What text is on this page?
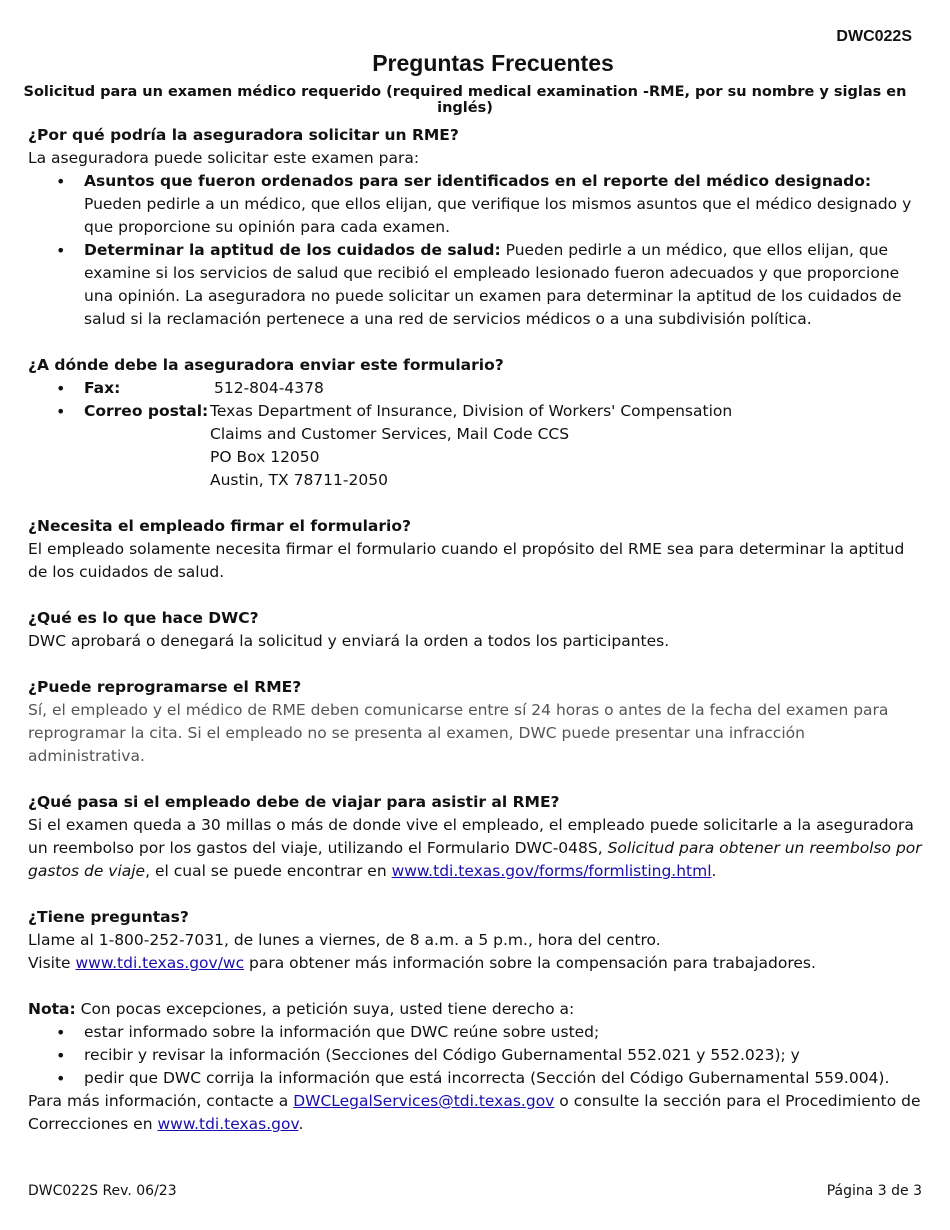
DWC022S
Preguntas Frecuentes
Solicitud para un examen médico requerido (required medical examination -RME, por su nombre y siglas en inglés)

¿Por qué podría la aseguradora solicitar un RME?

La aseguradora puede solicitar este examen para:

• Asuntos que fueron ordenados para ser identificados en el reporte del médico designado: Pueden pedirle a un médico, que ellos elijan, que verifique los mismos asuntos que el médico designado y que proporcione su opinión para cada examen.
• Determinar la aptitud de los cuidados de salud: Pueden pedirle a un médico, que ellos elijan, que examine si los servicios de salud que recibió el empleado lesionado fueron adecuados y que proporcione una opinión. La aseguradora no puede solicitar un examen para determinar la aptitud de los cuidados de salud si la reclamación pertenece a una red de servicios médicos o a una subdivisión política.

¿A dónde debe la aseguradora enviar este formulario?

• Fax:	512-804-4378
• Correo postal: Texas Department of Insurance, Division of Workers' Compensation
Claims and Customer Services, Mail Code CCS
PO Box 12050
Austin, TX 78711-2050

¿Necesita el empleado firmar el formulario?

El empleado solamente necesita firmar el formulario cuando el propósito del RME sea para determinar la aptitud de los cuidados de salud.

¿Qué es lo que hace DWC?

DWC aprobará o denegará la solicitud y enviará la orden a todos los participantes.

¿Puede reprogramarse el RME?

Sí, el empleado y el médico de RME deben comunicarse entre sí 24 horas o antes de la fecha del examen para reprogramar la cita. Si el empleado no se presenta al examen, DWC puede presentar una infracción administrativa.

¿Qué pasa si el empleado debe de viajar para asistir al RME?

Si el examen queda a 30 millas o más de donde vive el empleado, el empleado puede solicitarle a la aseguradora un reembolso por los gastos del viaje, utilizando el Formulario DWC-048S, Solicitud para obtener un reembolso por gastos de viaje, el cual se puede encontrar en www.tdi.texas.gov/forms/formlisting.html.

¿Tiene preguntas?

Llame al 1-800-252-7031, de lunes a viernes, de 8 a.m. a 5 p.m., hora del centro.

Visite www.tdi.texas.gov/wc para obtener más información sobre la compensación para trabajadores.

Nota: Con pocas excepciones, a petición suya, usted tiene derecho a:

• estar informado sobre la información que DWC reúne sobre usted;
• recibir y revisar la información (Secciones del Código Gubernamental 552.021 y 552.023); y
• pedir que DWC corrija la información que está incorrecta (Sección del Código Gubernamental 559.004).

Para más información, contacte a DWCLegalServices@tdi.texas.gov o consulte la sección para el Procedimiento de Correcciones en www.tdi.texas.gov.

DWC022S Rev. 06/23	Página 3 de 3
